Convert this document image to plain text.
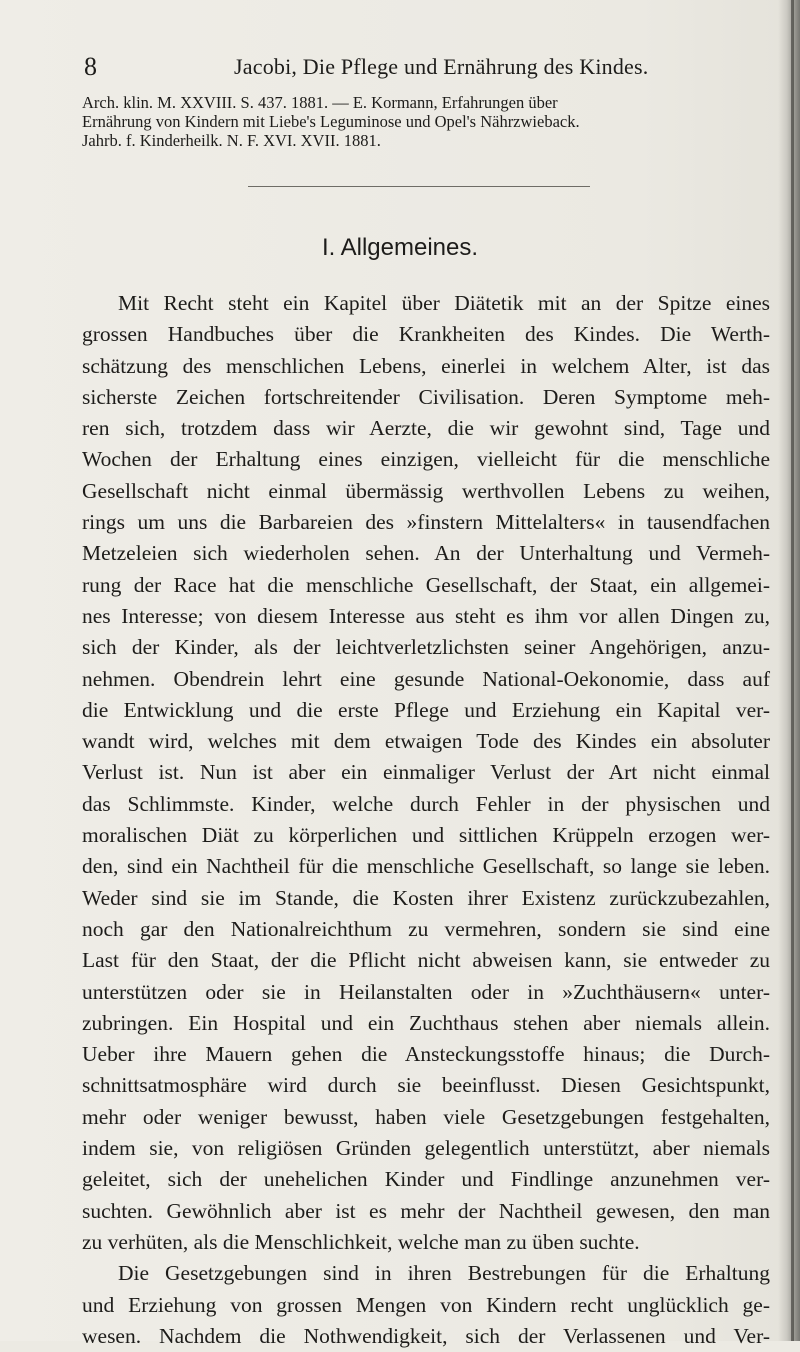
8	Jacobi, Die Pflege und Ernährung des Kindes.
Arch. klin. M. XXVIII. S. 437. 1881. — E. Kormann, Erfahrungen über
Ernährung von Kindern mit Liebe's Leguminose und Opel's Nährzwieback.
Jahrb. f. Kinderheilk. N. F. XVI. XVII. 1881.
I. Allgemeines.
Mit Recht steht ein Kapitel über Diätetik mit an der Spitze eines
grossen Handbuches über die Krankheiten des Kindes. Die Werth-
schätzung des menschlichen Lebens, einerlei in welchem Alter, ist das
sicherste Zeichen fortschreitender Civilisation. Deren Symptome meh-
ren sich, trotzdem dass wir Aerzte, die wir gewohnt sind, Tage und
Wochen der Erhaltung eines einzigen, vielleicht für die menschliche
Gesellschaft nicht einmal übermässig werthvollen Lebens zu weihen,
rings um uns die Barbareien des »finstern Mittelalters« in tausendfachen
Metzeleien sich wiederholen sehen. An der Unterhaltung und Vermeh-
rung der Race hat die menschliche Gesellschaft, der Staat, ein allgemei-
nes Interesse; von diesem Interesse aus steht es ihm vor allen Dingen zu,
sich der Kinder, als der leichtverletzlichsten seiner Angehörigen, anzu-
nehmen. Obendrein lehrt eine gesunde National-Oekonomie, dass auf
die Entwicklung und die erste Pflege und Erziehung ein Kapital ver-
wandt wird, welches mit dem etwaigen Tode des Kindes ein absoluter
Verlust ist. Nun ist aber ein einmaliger Verlust der Art nicht einmal
das Schlimmste. Kinder, welche durch Fehler in der physischen und
moralischen Diät zu körperlichen und sittlichen Krüppeln erzogen wer-
den, sind ein Nachtheil für die menschliche Gesellschaft, so lange sie leben.
Weder sind sie im Stande, die Kosten ihrer Existenz zurückzubezahlen,
noch gar den Nationalreichthum zu vermehren, sondern sie sind eine
Last für den Staat, der die Pflicht nicht abweisen kann, sie entweder zu
unterstützen oder sie in Heilanstalten oder in »Zuchthäusern« unter-
zubringen. Ein Hospital und ein Zuchthaus stehen aber niemals allein.
Ueber ihre Mauern gehen die Ansteckungsstoffe hinaus; die Durch-
schnittsatmosphäre wird durch sie beeinflusst. Diesen Gesichtspunkt,
mehr oder weniger bewusst, haben viele Gesetzgebungen festgehalten,
indem sie, von religiösen Gründen gelegentlich unterstützt, aber niemals
geleitet, sich der unehelichen Kinder und Findlinge anzunehmen ver-
suchten. Gewöhnlich aber ist es mehr der Nachtheil gewesen, den man
zu verhüten, als die Menschlichkeit, welche man zu üben suchte.
Die Gesetzgebungen sind in ihren Bestrebungen für die Erhaltung
und Erziehung von grossen Mengen von Kindern recht unglücklich ge-
wesen. Nachdem die Nothwendigkeit, sich der Verlassenen und Ver-
